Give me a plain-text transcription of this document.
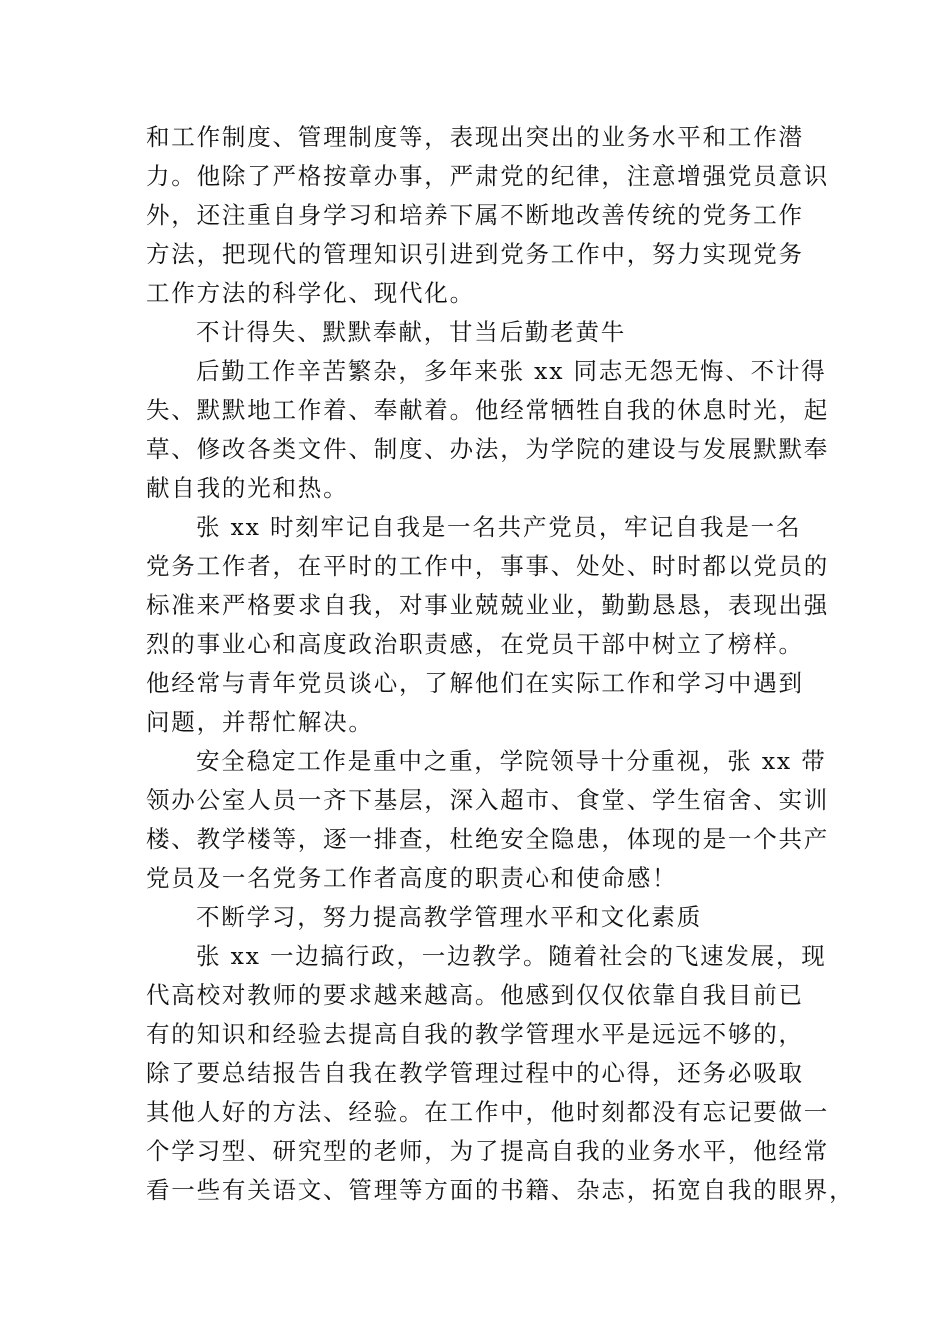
和工作制度、管理制度等，表现出突出的业务水平和工作潜
力。他除了严格按章办事，严肃党的纪律，注意增强党员意识
外，还注重自身学习和培养下属不断地改善传统的党务工作
方法，把现代的管理知识引进到党务工作中，努力实现党务
工作方法的科学化、现代化。
不计得失、默默奉献，甘当后勤老黄牛
后勤工作辛苦繁杂，多年来张 xx 同志无怨无悔、不计得
失、默默地工作着、奉献着。他经常牺牲自我的休息时光，起
草、修改各类文件、制度、办法，为学院的建设与发展默默奉
献自我的光和热。
张 xx 时刻牢记自我是一名共产党员，牢记自我是一名
党务工作者，在平时的工作中，事事、处处、时时都以党员的
标准来严格要求自我，对事业兢兢业业，勤勤恳恳，表现出强
烈的事业心和高度政治职责感，在党员干部中树立了榜样。
他经常与青年党员谈心，了解他们在实际工作和学习中遇到
问题，并帮忙解决。
安全稳定工作是重中之重，学院领导十分重视，张 xx 带
领办公室人员一齐下基层，深入超市、食堂、学生宿舍、实训
楼、教学楼等，逐一排查，杜绝安全隐患，体现的是一个共产
党员及一名党务工作者高度的职责心和使命感！
不断学习，努力提高教学管理水平和文化素质
张 xx 一边搞行政，一边教学。随着社会的飞速发展，现
代高校对教师的要求越来越高。他感到仅仅依靠自我目前已
有的知识和经验去提高自我的教学管理水平是远远不够的，
除了要总结报告自我在教学管理过程中的心得，还务必吸取
其他人好的方法、经验。在工作中，他时刻都没有忘记要做一
个学习型、研究型的老师，为了提高自我的业务水平，他经常
看一些有关语文、管理等方面的书籍、杂志，拓宽自我的眼界，
